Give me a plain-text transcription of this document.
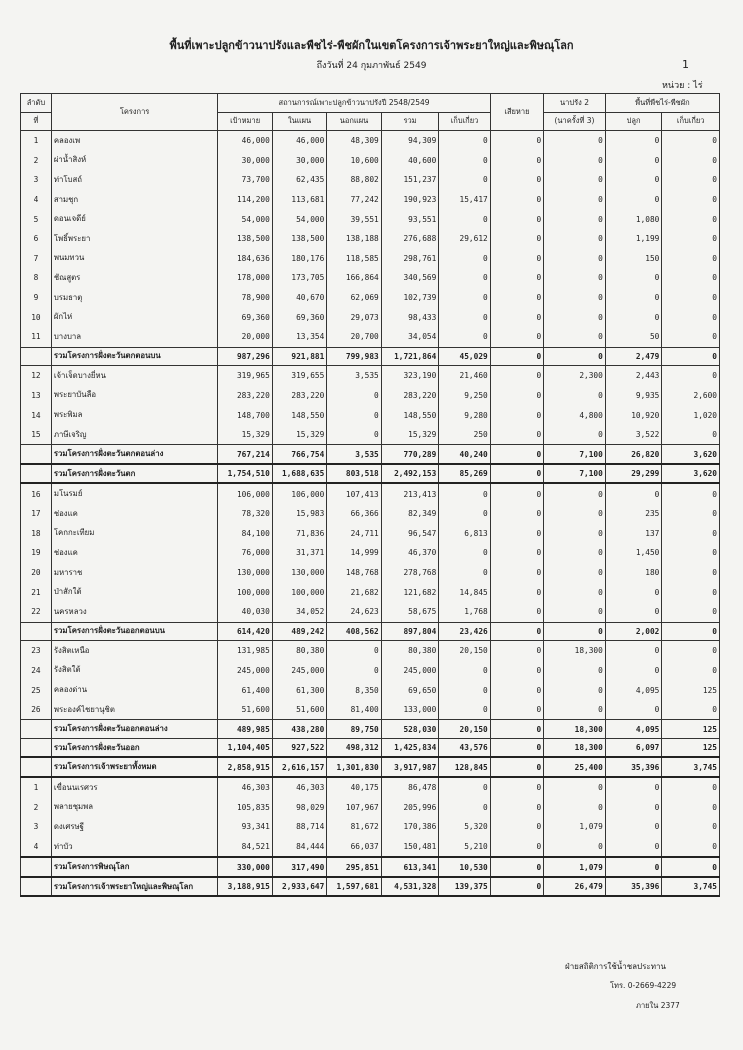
พื้นที่เพาะปลูกข้าวนาปรังและพืชไร่-พืชผักในเขตโครงการเจ้าพระยาใหญ่และพิษณุโลก
ถึงวันที่ 24 กุมภาพันธ์ 2549	1
หน่วย : ไร่
ลำดับ	โครงการ	สถานการณ์เพาะปลูกข้าวนาปรังปี 2548/2549					เสียหาย	นาปรัง 2	พื้นที่พืชไร่-พืชผัก	
ที่		เป้าหมาย	ในแผน	นอกแผน	รวม	เก็บเกี่ยว		(นาครั้งที่ 3)	ปลูก	เก็บเกี่ยว
1	คลองเพ	46,000	46,000	48,309	94,309	0	0	0	0	0
2	ผ่าน้ำสิงห์	30,000	30,000	10,600	40,600	0	0	0	0	0
3	ท่าโบสถ์	73,700	62,435	88,802	151,237	0	0	0	0	0
4	สามชุก	114,200	113,681	77,242	190,923	15,417	0	0	0	0
5	ดอนเจดีย์	54,000	54,000	39,551	93,551	0	0	0	1,080	0
6	โพธิ์พระยา	138,500	138,500	138,188	276,688	29,612	0	0	1,199	0
7	พนมทวน	184,636	180,176	118,585	298,761	0	0	0	150	0
8	ชัณสูตร	178,000	173,705	166,864	340,569	0	0	0	0	0
9	บรมธาตุ	78,900	40,670	62,069	102,739	0	0	0	0	0
10	ผักไห่	69,360	69,360	29,073	98,433	0	0	0	0	0
11	บางบาล	20,000	13,354	20,700	34,054	0	0	0	50	0
	รวมโครงการฝั่งตะวันตกตอนบน	987,296	921,881	799,983	1,721,864	45,029	0	0	2,479	0
12	เจ้าเจ็ดบางยี่หน	319,965	319,655	3,535	323,190	21,460	0	2,300	2,443	0
13	พระยาบันลือ	283,220	283,220	0	283,220	9,250	0	0	9,935	2,600
14	พระพิมล	148,700	148,550	0	148,550	9,280	0	4,800	10,920	1,020
15	ภาษีเจริญ	15,329	15,329	0	15,329	250	0	0	3,522	0
	รวมโครงการฝั่งตะวันตกตอนล่าง	767,214	766,754	3,535	770,289	40,240	0	7,100	26,820	3,620
	รวมโครงการฝั่งตะวันตก	1,754,510	1,688,635	803,518	2,492,153	85,269	0	7,100	29,299	3,620
16	มโนรมย์	106,000	106,000	107,413	213,413	0	0	0	0	0
17	ช่องแค	78,320	15,983	66,366	82,349	0	0	0	235	0
18	โคกกะเทียม	84,100	71,836	24,711	96,547	6,813	0	0	137	0
19	ช่องแค	76,000	31,371	14,999	46,370	0	0	0	1,450	0
20	มหาราช	130,000	130,000	148,768	278,768	0	0	0	180	0
21	ป่าสักใต้	100,000	100,000	21,682	121,682	14,845	0	0	0	0
22	นครหลวง	40,030	34,052	24,623	58,675	1,768	0	0	0	0
	รวมโครงการฝั่งตะวันออกตอนบน	614,420	489,242	408,562	897,804	23,426	0	0	2,002	0
23	รังสิตเหนือ	131,985	80,380	0	80,380	20,150	0	18,300	0	0
24	รังสิตใต้	245,000	245,000	0	245,000	0	0	0	0	0
25	คลองด่าน	61,400	61,300	8,350	69,650	0	0	0	4,095	125
26	พระองค์ไชยานุชิต	51,600	51,600	81,400	133,000	0	0	0	0	0
	รวมโครงการฝั่งตะวันออกตอนล่าง	489,985	438,280	89,750	528,030	20,150	0	18,300	4,095	125
	รวมโครงการฝั่งตะวันออก	1,104,405	927,522	498,312	1,425,834	43,576	0	18,300	6,097	125
	รวมโครงการเจ้าพระยาทั้งหมด	2,858,915	2,616,157	1,301,830	3,917,987	128,845	0	25,400	35,396	3,745
1	เขื่อนนเรศวร	46,303	46,303	40,175	86,478	0	0	0	0	0
2	พลายชุมพล	105,835	98,029	107,967	205,996	0	0	0	0	0
3	ดงเศรษฐี	93,341	88,714	81,672	170,386	5,320	0	1,079	0	0
4	ท่าบัว	84,521	84,444	66,037	150,481	5,210	0	0	0	0
	รวมโครงการพิษณุโลก	330,000	317,490	295,851	613,341	10,530	0	1,079	0	0
	รวมโครงการเจ้าพระยาใหญ่และพิษณุโลก	3,188,915	2,933,647	1,597,681	4,531,328	139,375	0	26,479	35,396	3,745
ฝ่ายสถิติการใช้น้ำชลประทาน
โทร. 0-2669-4229
ภายใน 2377
